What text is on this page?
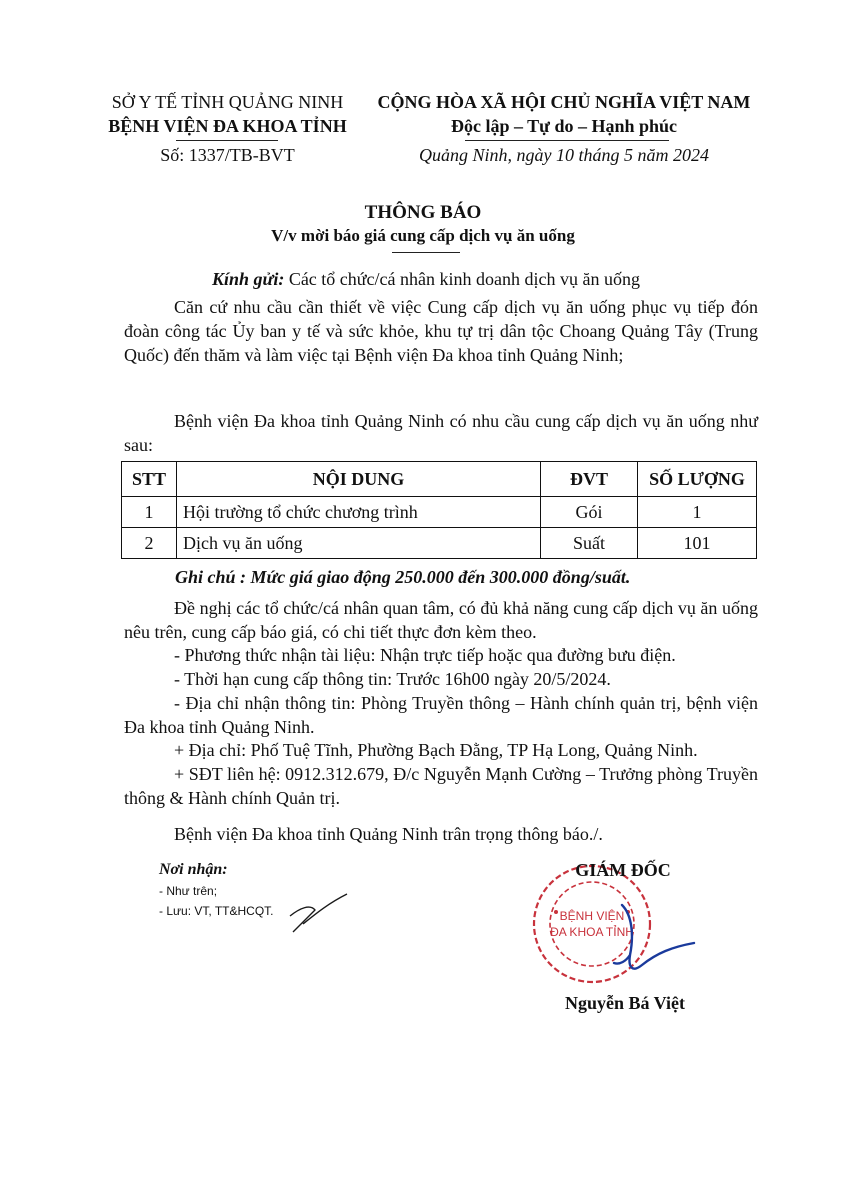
SỞ Y TẾ TỈNH QUẢNG NINH
BỆNH VIỆN ĐA KHOA TỈNH
Số: 1337/TB-BVT
CỘNG HÒA XÃ HỘI CHỦ NGHĨA VIỆT NAM
Độc lập – Tự do – Hạnh phúc
Quảng Ninh, ngày 10 tháng 5 năm 2024
THÔNG BÁO
V/v mời báo giá cung cấp dịch vụ ăn uống
Kính gửi: Các tổ chức/cá nhân kinh doanh dịch vụ ăn uống
Căn cứ nhu cầu cần thiết về việc Cung cấp dịch vụ ăn uống phục vụ tiếp đón đoàn công tác Ủy ban y tế và sức khỏe, khu tự trị dân tộc Choang Quảng Tây (Trung Quốc) đến thăm và làm việc tại Bệnh viện Đa khoa tỉnh Quảng Ninh;
Bệnh viện Đa khoa tỉnh Quảng Ninh có nhu cầu cung cấp dịch vụ ăn uống như sau:
STT	NỘI DUNG	ĐVT	SỐ LƯỢNG
1	Hội trường tổ chức chương trình	Gói	1
2	Dịch vụ ăn uống	Suất	101
Ghi chú : Mức giá giao động 250.000 đến 300.000 đồng/suất.
Đề nghị các tổ chức/cá nhân quan tâm, có đủ khả năng cung cấp dịch vụ ăn uống nêu trên, cung cấp báo giá, có chi tiết thực đơn kèm theo.
- Phương thức nhận tài liệu: Nhận trực tiếp hoặc qua đường bưu điện.
- Thời hạn cung cấp thông tin: Trước 16h00 ngày 20/5/2024.
- Địa chỉ nhận thông tin: Phòng Truyền thông – Hành chính quản trị, bệnh viện Đa khoa tỉnh Quảng Ninh.
+ Địa chỉ: Phố Tuệ Tĩnh, Phường Bạch Đằng, TP Hạ Long, Quảng Ninh.
+ SĐT liên hệ: 0912.312.679, Đ/c Nguyễn Mạnh Cường – Trưởng phòng Truyền thông & Hành chính Quản trị.
Bệnh viện Đa khoa tỉnh Quảng Ninh trân trọng thông báo./.
Nơi nhận:
- Như trên;
- Lưu: VT, TT&HCQT.	BỆNH VIỆN
ĐA KHOA TỈNH
GIÁM ĐỐC
Nguyễn Bá Việt
